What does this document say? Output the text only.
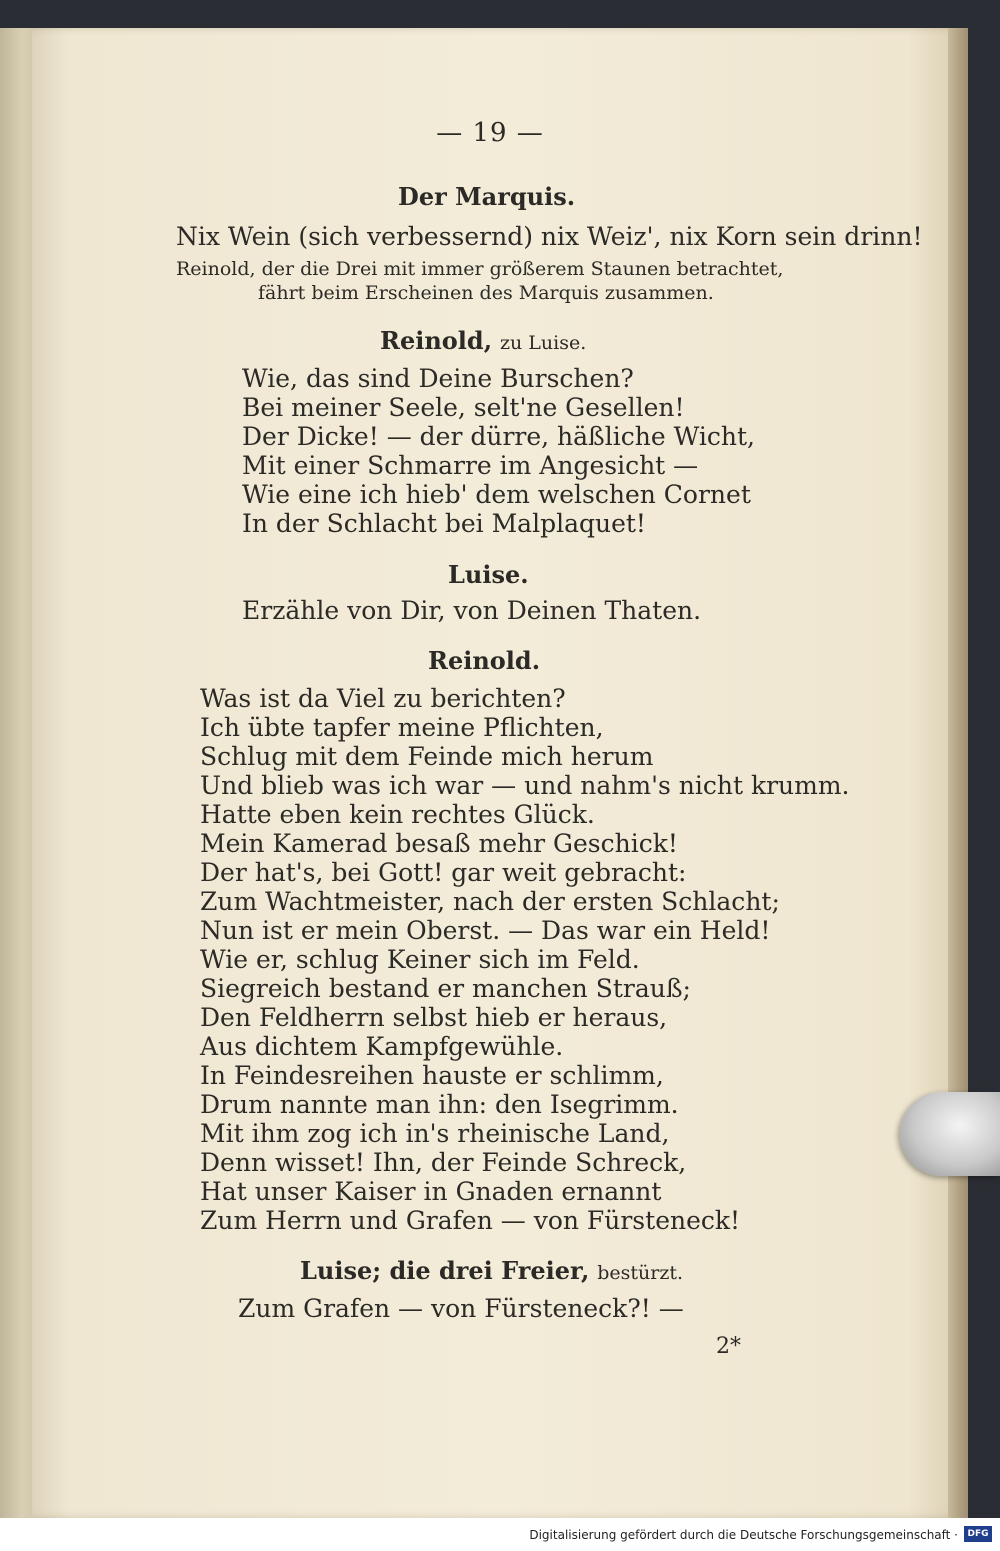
— 19 —
Der Marquis.
Nix Wein (sich verbessernd) nix Weiz', nix Korn sein drinn!
Reinold, der die Drei mit immer größerem Staunen betrachtet,
fährt beim Erscheinen des Marquis zusammen.
Reinold, zu Luise.
Wie, das sind Deine Burschen?
Bei meiner Seele, selt'ne Gesellen!
Der Dicke! — der dürre, häßliche Wicht,
Mit einer Schmarre im Angesicht —
Wie eine ich hieb' dem welschen Cornet
In der Schlacht bei Malplaquet!
Luise.
Erzähle von Dir, von Deinen Thaten.
Reinold.
Was ist da Viel zu berichten?
Ich übte tapfer meine Pflichten,
Schlug mit dem Feinde mich herum
Und blieb was ich war — und nahm's nicht krumm.
Hatte eben kein rechtes Glück.
Mein Kamerad besaß mehr Geschick!
Der hat's, bei Gott! gar weit gebracht:
Zum Wachtmeister, nach der ersten Schlacht;
Nun ist er mein Oberst. — Das war ein Held!
Wie er, schlug Keiner sich im Feld.
Siegreich bestand er manchen Strauß;
Den Feldherrn selbst hieb er heraus,
Aus dichtem Kampfgewühle.
In Feindesreihen hauste er schlimm,
Drum nannte man ihn: den Isegrimm.
Mit ihm zog ich in's rheinische Land,
Denn wisset! Ihn, der Feinde Schreck,
Hat unser Kaiser in Gnaden ernannt
Zum Herrn und Grafen — von Fürsteneck!
Luise; die drei Freier, bestürzt.
Zum Grafen — von Fürsteneck?! —
2*
Digitalisierung gefördert durch die Deutsche Forschungsgemeinschaft ·	DFG
